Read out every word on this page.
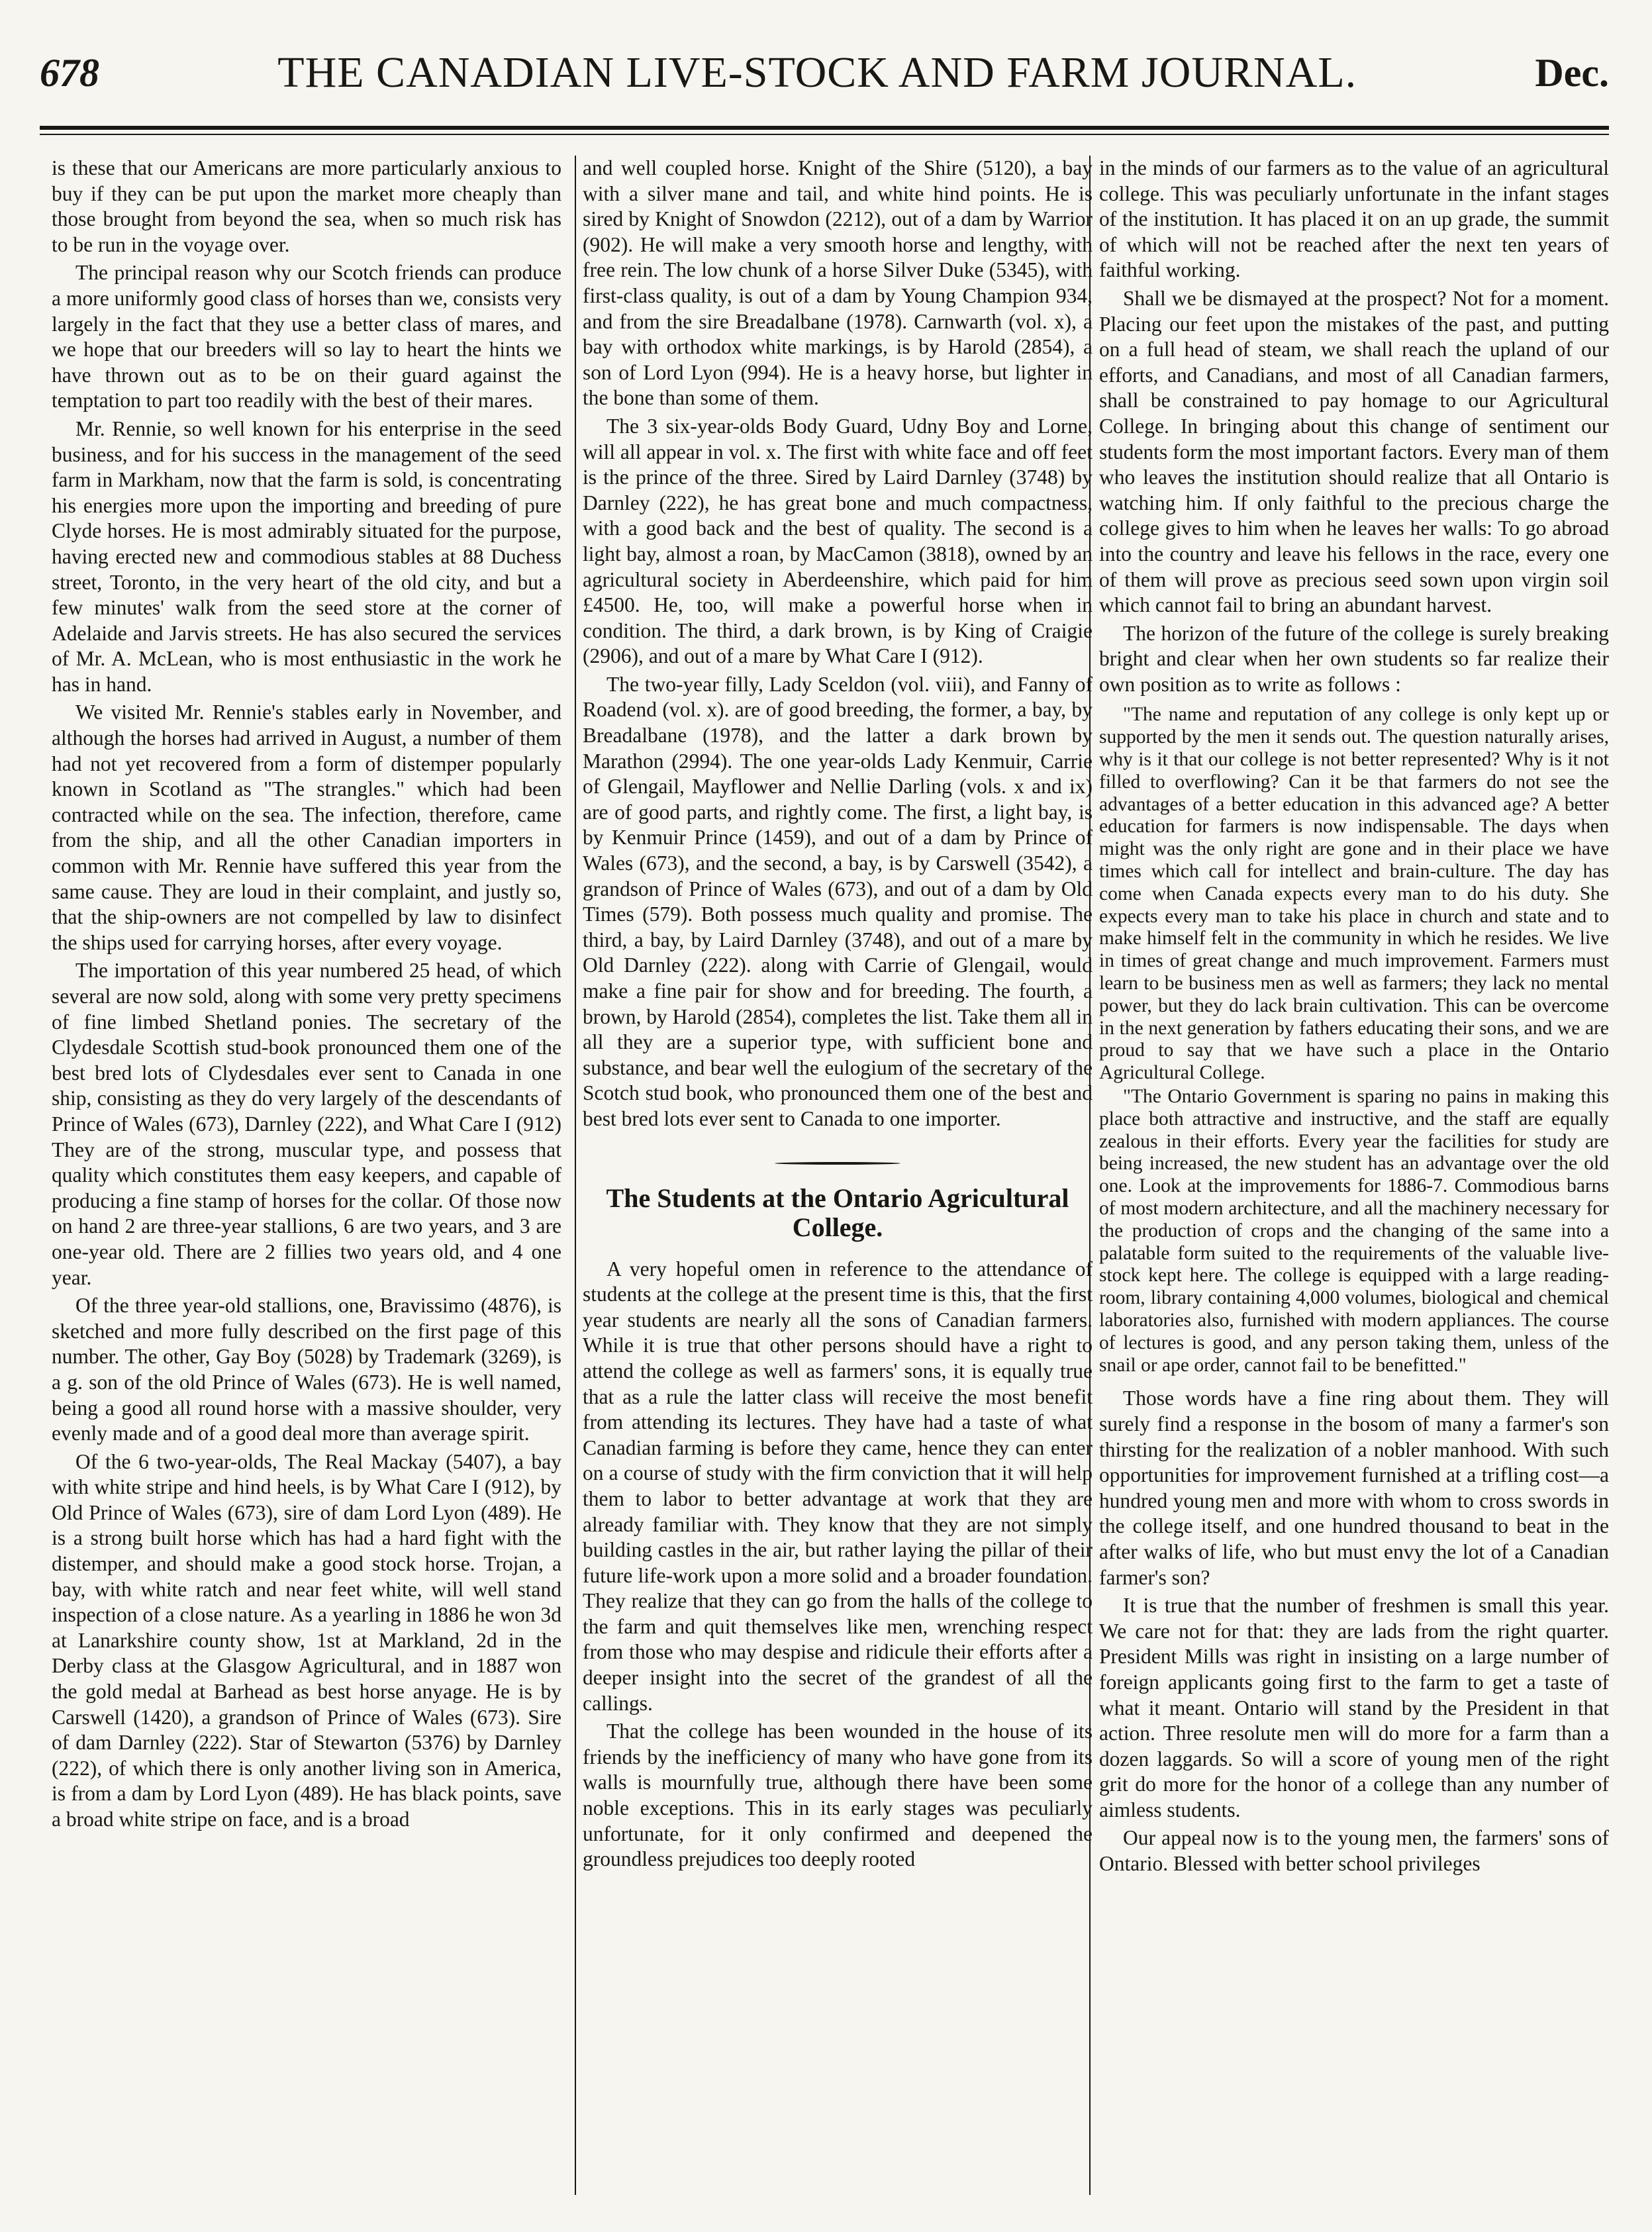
678	THE CANADIAN LIVE-STOCK AND FARM JOURNAL.	Dec.

is these that our Americans are more particularly anxious to buy if they can be put upon the market more cheaply than those brought from beyond the sea, when so much risk has to be run in the voyage over.

The principal reason why our Scotch friends can produce a more uniformly good class of horses than we, consists very largely in the fact that they use a better class of mares, and we hope that our breeders will so lay to heart the hints we have thrown out as to be on their guard against the temptation to part too readily with the best of their mares.

Mr. Rennie, so well known for his enterprise in the seed business, and for his success in the management of the seed farm in Markham, now that the farm is sold, is concentrating his energies more upon the importing and breeding of pure Clyde horses. He is most admirably situated for the purpose, having erected new and commodious stables at 88 Duchess street, Toronto, in the very heart of the old city, and but a few minutes' walk from the seed store at the corner of Adelaide and Jarvis streets. He has also secured the services of Mr. A. McLean, who is most enthusiastic in the work he has in hand.

We visited Mr. Rennie's stables early in November, and although the horses had arrived in August, a number of them had not yet recovered from a form of distemper popularly known in Scotland as "The strangles." which had been contracted while on the sea. The infection, therefore, came from the ship, and all the other Canadian importers in common with Mr. Rennie have suffered this year from the same cause. They are loud in their complaint, and justly so, that the ship-owners are not compelled by law to disinfect the ships used for carrying horses, after every voyage.

The importation of this year numbered 25 head, of which several are now sold, along with some very pretty specimens of fine limbed Shetland ponies. The secretary of the Clydesdale Scottish stud-book pronounced them one of the best bred lots of Clydesdales ever sent to Canada in one ship, consisting as they do very largely of the descendants of Prince of Wales (673), Darnley (222), and What Care I (912) They are of the strong, muscular type, and possess that quality which constitutes them easy keepers, and capable of producing a fine stamp of horses for the collar. Of those now on hand 2 are three-year stallions, 6 are two years, and 3 are one-year old. There are 2 fillies two years old, and 4 one year.

Of the three year-old stallions, one, Bravissimo (4876), is sketched and more fully described on the first page of this number. The other, Gay Boy (5028) by Trademark (3269), is a g. son of the old Prince of Wales (673). He is well named, being a good all round horse with a massive shoulder, very evenly made and of a good deal more than average spirit.

Of the 6 two-year-olds, The Real Mackay (5407), a bay with white stripe and hind heels, is by What Care I (912), by Old Prince of Wales (673), sire of dam Lord Lyon (489). He is a strong built horse which has had a hard fight with the distemper, and should make a good stock horse. Trojan, a bay, with white ratch and near feet white, will well stand inspection of a close nature. As a yearling in 1886 he won 3d at Lanarkshire county show, 1st at Markland, 2d in the Derby class at the Glasgow Agricultural, and in 1887 won the gold medal at Barhead as best horse anyage. He is by Carswell (1420), a grandson of Prince of Wales (673). Sire of dam Darnley (222). Star of Stewarton (5376) by Darnley (222), of which there is only another living son in America, is from a dam by Lord Lyon (489). He has black points, save a broad white stripe on face, and is a broad

and well coupled horse. Knight of the Shire (5120), a bay with a silver mane and tail, and white hind points. He is sired by Knight of Snowdon (2212), out of a dam by Warrior (902). He will make a very smooth horse and lengthy, with free rein. The low chunk of a horse Silver Duke (5345), with first-class quality, is out of a dam by Young Champion 934, and from the sire Breadalbane (1978). Carnwarth (vol. x), a bay with orthodox white markings, is by Harold (2854), a son of Lord Lyon (994). He is a heavy horse, but lighter in the bone than some of them.

The 3 six-year-olds Body Guard, Udny Boy and Lorne, will all appear in vol. x. The first with white face and off feet is the prince of the three. Sired by Laird Darnley (3748) by Darnley (222), he has great bone and much compactness, with a good back and the best of quality. The second is a light bay, almost a roan, by MacCamon (3818), owned by an agricultural society in Aberdeenshire, which paid for him £4500. He, too, will make a powerful horse when in condition. The third, a dark brown, is by King of Craigie (2906), and out of a mare by What Care I (912).

The two-year filly, Lady Sceldon (vol. viii), and Fanny of Roadend (vol. x). are of good breeding, the former, a bay, by Breadalbane (1978), and the latter a dark brown by Marathon (2994). The one year-olds Lady Kenmuir, Carrie of Glengail, Mayflower and Nellie Darling (vols. x and ix) are of good parts, and rightly come. The first, a light bay, is by Kenmuir Prince (1459), and out of a dam by Prince of Wales (673), and the second, a bay, is by Carswell (3542), a grandson of Prince of Wales (673), and out of a dam by Old Times (579). Both possess much quality and promise. The third, a bay, by Laird Darnley (3748), and out of a mare by Old Darnley (222). along with Carrie of Glengail, would make a fine pair for show and for breeding. The fourth, a brown, by Harold (2854), completes the list. Take them all in all they are a superior type, with sufficient bone and substance, and bear well the eulogium of the secretary of the Scotch stud book, who pronounced them one of the best and best bred lots ever sent to Canada to one importer.

The Students at the Ontario Agricultural College.

A very hopeful omen in reference to the attendance of students at the college at the present time is this, that the first year students are nearly all the sons of Canadian farmers. While it is true that other persons should have a right to attend the college as well as farmers' sons, it is equally true that as a rule the latter class will receive the most benefit from attending its lectures. They have had a taste of what Canadian farming is before they came, hence they can enter on a course of study with the firm conviction that it will help them to labor to better advantage at work that they are already familiar with. They know that they are not simply building castles in the air, but rather laying the pillar of their future life-work upon a more solid and a broader foundation. They realize that they can go from the halls of the college to the farm and quit themselves like men, wrenching respect from those who may despise and ridicule their efforts after a deeper insight into the secret of the grandest of all the callings.

That the college has been wounded in the house of its friends by the inefficiency of many who have gone from its walls is mournfully true, although there have been some noble exceptions. This in its early stages was peculiarly unfortunate, for it only confirmed and deepened the groundless prejudices too deeply rooted

in the minds of our farmers as to the value of an agricultural college. This was peculiarly unfortunate in the infant stages of the institution. It has placed it on an up grade, the summit of which will not be reached after the next ten years of faithful working.

Shall we be dismayed at the prospect? Not for a moment. Placing our feet upon the mistakes of the past, and putting on a full head of steam, we shall reach the upland of our efforts, and Canadians, and most of all Canadian farmers, shall be constrained to pay homage to our Agricultural College. In bringing about this change of sentiment our students form the most important factors. Every man of them who leaves the institution should realize that all Ontario is watching him. If only faithful to the precious charge the college gives to him when he leaves her walls: To go abroad into the country and leave his fellows in the race, every one of them will prove as precious seed sown upon virgin soil which cannot fail to bring an abundant harvest.

The horizon of the future of the college is surely breaking bright and clear when her own students so far realize their own position as to write as follows :

"The name and reputation of any college is only kept up or supported by the men it sends out. The question naturally arises, why is it that our college is not better represented? Why is it not filled to overflowing? Can it be that farmers do not see the advantages of a better education in this advanced age? A better education for farmers is now indispensable. The days when might was the only right are gone and in their place we have times which call for intellect and brain-culture. The day has come when Canada expects every man to do his duty. She expects every man to take his place in church and state and to make himself felt in the community in which he resides. We live in times of great change and much improvement. Farmers must learn to be business men as well as farmers; they lack no mental power, but they do lack brain cultivation. This can be overcome in the next generation by fathers educating their sons, and we are proud to say that we have such a place in the Ontario Agricultural College.

"The Ontario Government is sparing no pains in making this place both attractive and instructive, and the staff are equally zealous in their efforts. Every year the facilities for study are being increased, the new student has an advantage over the old one. Look at the improvements for 1886-7. Commodious barns of most modern architecture, and all the machinery necessary for the production of crops and the changing of the same into a palatable form suited to the requirements of the valuable live-stock kept here. The college is equipped with a large reading-room, library containing 4,000 volumes, biological and chemical laboratories also, furnished with modern appliances. The course of lectures is good, and any person taking them, unless of the snail or ape order, cannot fail to be benefitted."

Those words have a fine ring about them. They will surely find a response in the bosom of many a farmer's son thirsting for the realization of a nobler manhood. With such opportunities for improvement furnished at a trifling cost—a hundred young men and more with whom to cross swords in the college itself, and one hundred thousand to beat in the after walks of life, who but must envy the lot of a Canadian farmer's son?

It is true that the number of freshmen is small this year. We care not for that: they are lads from the right quarter. President Mills was right in insisting on a large number of foreign applicants going first to the farm to get a taste of what it meant. Ontario will stand by the President in that action. Three resolute men will do more for a farm than a dozen laggards. So will a score of young men of the right grit do more for the honor of a college than any number of aimless students.

Our appeal now is to the young men, the farmers' sons of Ontario. Blessed with better school privileges
